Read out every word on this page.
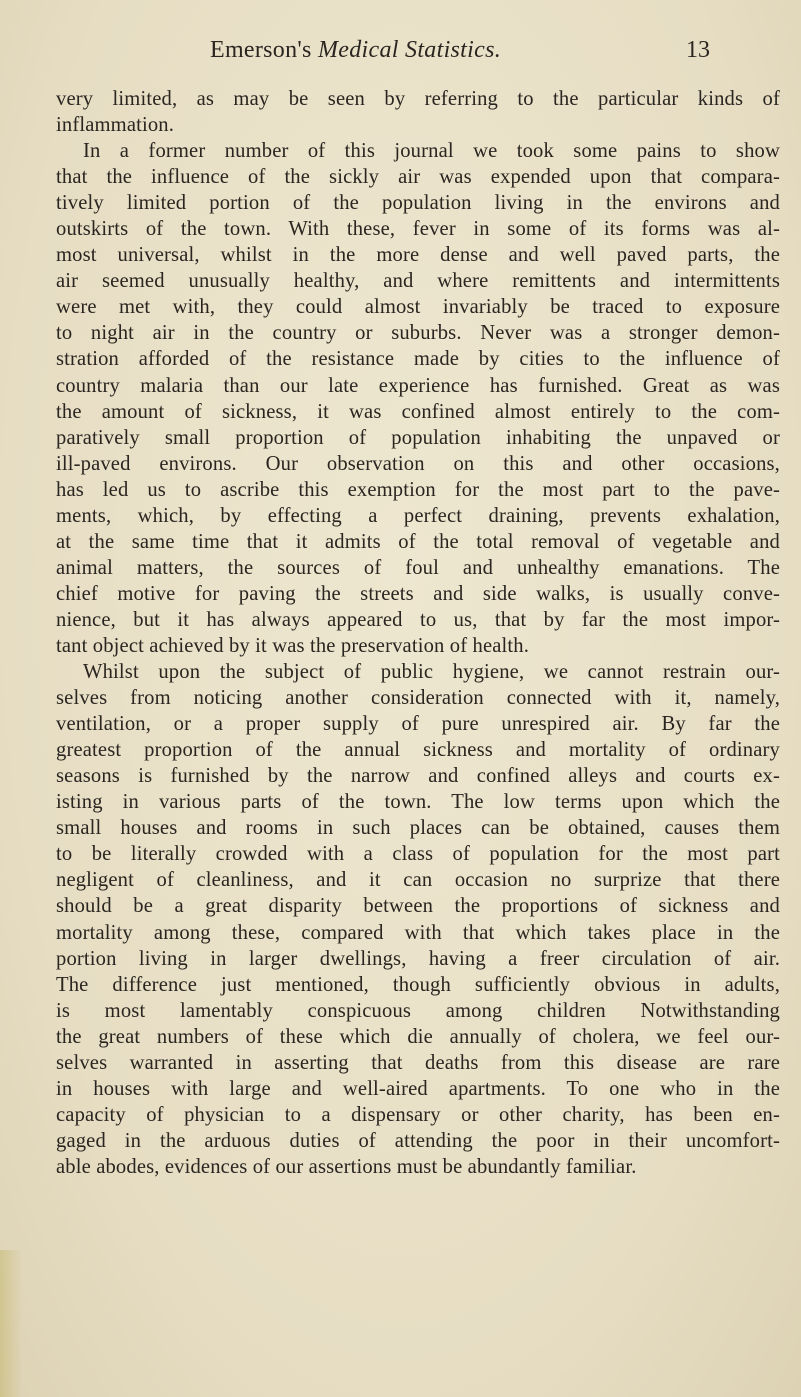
Emerson's Medical Statistics.	13
very limited, as may be seen by referring to the particular kinds of
inflammation.
In a former number of this journal we took some pains to show
that the influence of the sickly air was expended upon that compara-
tively limited portion of the population living in the environs and
outskirts of the town. With these, fever in some of its forms was al-
most universal, whilst in the more dense and well paved parts, the
air seemed unusually healthy, and where remittents and intermittents
were met with, they could almost invariably be traced to exposure
to night air in the country or suburbs. Never was a stronger demon-
stration afforded of the resistance made by cities to the influence of
country malaria than our late experience has furnished. Great as was
the amount of sickness, it was confined almost entirely to the com-
paratively small proportion of population inhabiting the unpaved or
ill-paved environs. Our observation on this and other occasions,
has led us to ascribe this exemption for the most part to the pave-
ments, which, by effecting a perfect draining, prevents exhalation,
at the same time that it admits of the total removal of vegetable and
animal matters, the sources of foul and unhealthy emanations. The
chief motive for paving the streets and side walks, is usually conve-
nience, but it has always appeared to us, that by far the most impor-
tant object achieved by it was the preservation of health.
Whilst upon the subject of public hygiene, we cannot restrain our-
selves from noticing another consideration connected with it, namely,
ventilation, or a proper supply of pure unrespired air. By far the
greatest proportion of the annual sickness and mortality of ordinary
seasons is furnished by the narrow and confined alleys and courts ex-
isting in various parts of the town. The low terms upon which the
small houses and rooms in such places can be obtained, causes them
to be literally crowded with a class of population for the most part
negligent of cleanliness, and it can occasion no surprize that there
should be a great disparity between the proportions of sickness and
mortality among these, compared with that which takes place in the
portion living in larger dwellings, having a freer circulation of air.
The difference just mentioned, though sufficiently obvious in adults,
is most lamentably conspicuous among children Notwithstanding
the great numbers of these which die annually of cholera, we feel our-
selves warranted in asserting that deaths from this disease are rare
in houses with large and well-aired apartments. To one who in the
capacity of physician to a dispensary or other charity, has been en-
gaged in the arduous duties of attending the poor in their uncomfort-
able abodes, evidences of our assertions must be abundantly familiar.
